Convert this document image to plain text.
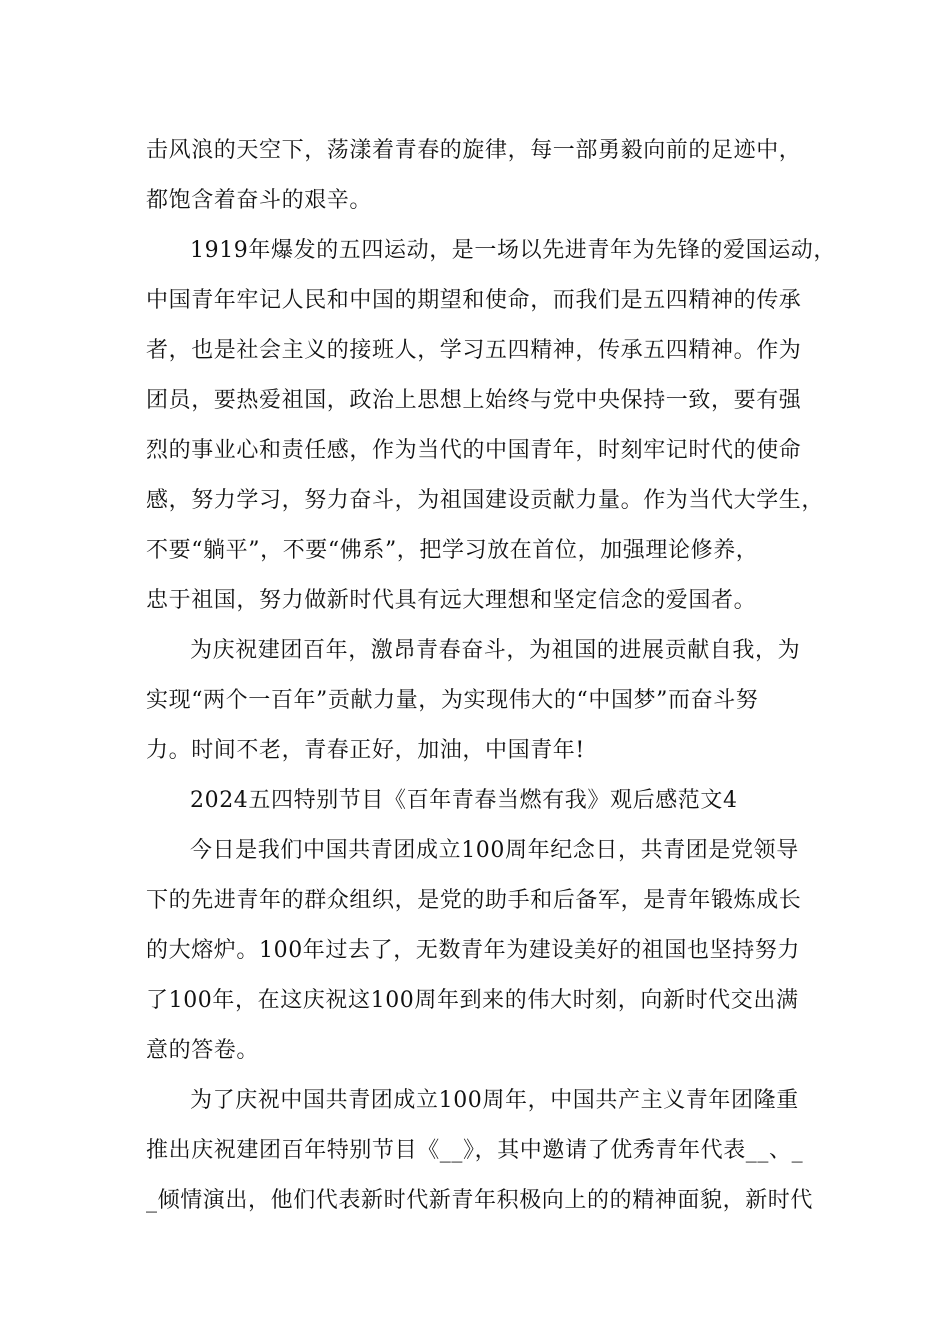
击风浪的天空下，荡漾着青春的旋律，每一部勇毅向前的足迹中，
都饱含着奋斗的艰辛。
1919年爆发的五四运动，是一场以先进青年为先锋的爱国运动，
中国青年牢记人民和中国的期望和使命，而我们是五四精神的传承
者，也是社会主义的接班人，学习五四精神，传承五四精神。作为
团员，要热爱祖国，政治上思想上始终与党中央保持一致，要有强
烈的事业心和责任感，作为当代的中国青年，时刻牢记时代的使命
感，努力学习，努力奋斗，为祖国建设贡献力量。作为当代大学生，
不要“躺平”，不要“佛系”，把学习放在首位，加强理论修养，
忠于祖国，努力做新时代具有远大理想和坚定信念的爱国者。
为庆祝建团百年，激昂青春奋斗，为祖国的进展贡献自我，为
实现“两个一百年”贡献力量，为实现伟大的“中国梦”而奋斗努
力。时间不老，青春正好，加油，中国青年!
2024五四特别节目《百年青春当燃有我》观后感范文4
今日是我们中国共青团成立100周年纪念日，共青团是党领导
下的先进青年的群众组织，是党的助手和后备军，是青年锻炼成长
的大熔炉。100年过去了，无数青年为建设美好的祖国也坚持努力
了100年，在这庆祝这100周年到来的伟大时刻，向新时代交出满
意的答卷。
为了庆祝中国共青团成立100周年，中国共产主义青年团隆重
推出庆祝建团百年特别节目《__》，其中邀请了优秀青年代表__、_
_倾情演出，他们代表新时代新青年积极向上的的精神面貌，新时代
